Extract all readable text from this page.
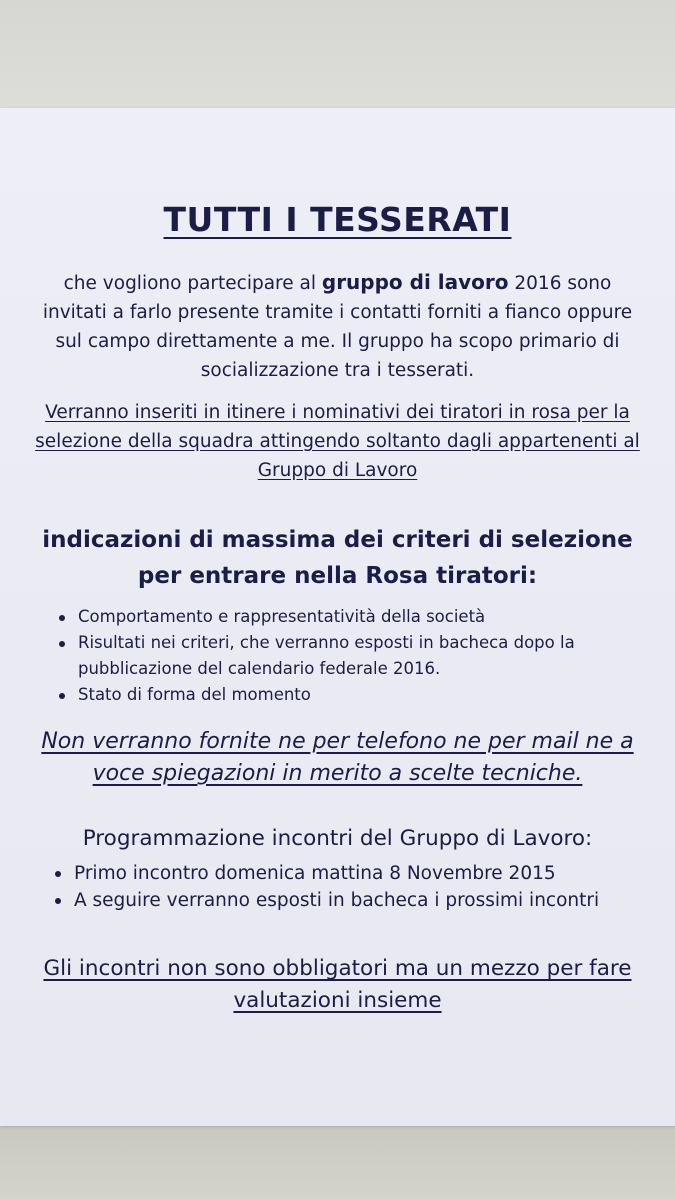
TUTTI I TESSERATI
che vogliono partecipare al gruppo di lavoro 2016 sono invitati a farlo presente tramite i contatti forniti a fianco oppure sul campo direttamente a me. Il gruppo ha scopo primario di socializzazione tra i tesserati.
Verranno inseriti in itinere i nominativi dei tiratori in rosa per la selezione della squadra attingendo soltanto dagli appartenenti al Gruppo di Lavoro
indicazioni di massima dei criteri di selezione per entrare nella Rosa tiratori:
Comportamento e rappresentatività della società
Risultati nei criteri, che verranno esposti in bacheca dopo la pubblicazione del calendario federale 2016.
Stato di forma del momento
Non verranno fornite ne per telefono ne per mail ne a voce spiegazioni in merito a scelte tecniche.
Programmazione incontri del Gruppo di Lavoro:
Primo incontro domenica mattina 8 Novembre 2015
A seguire verranno esposti in bacheca i prossimi incontri
Gli incontri non sono obbligatori ma un mezzo per fare valutazioni insieme
